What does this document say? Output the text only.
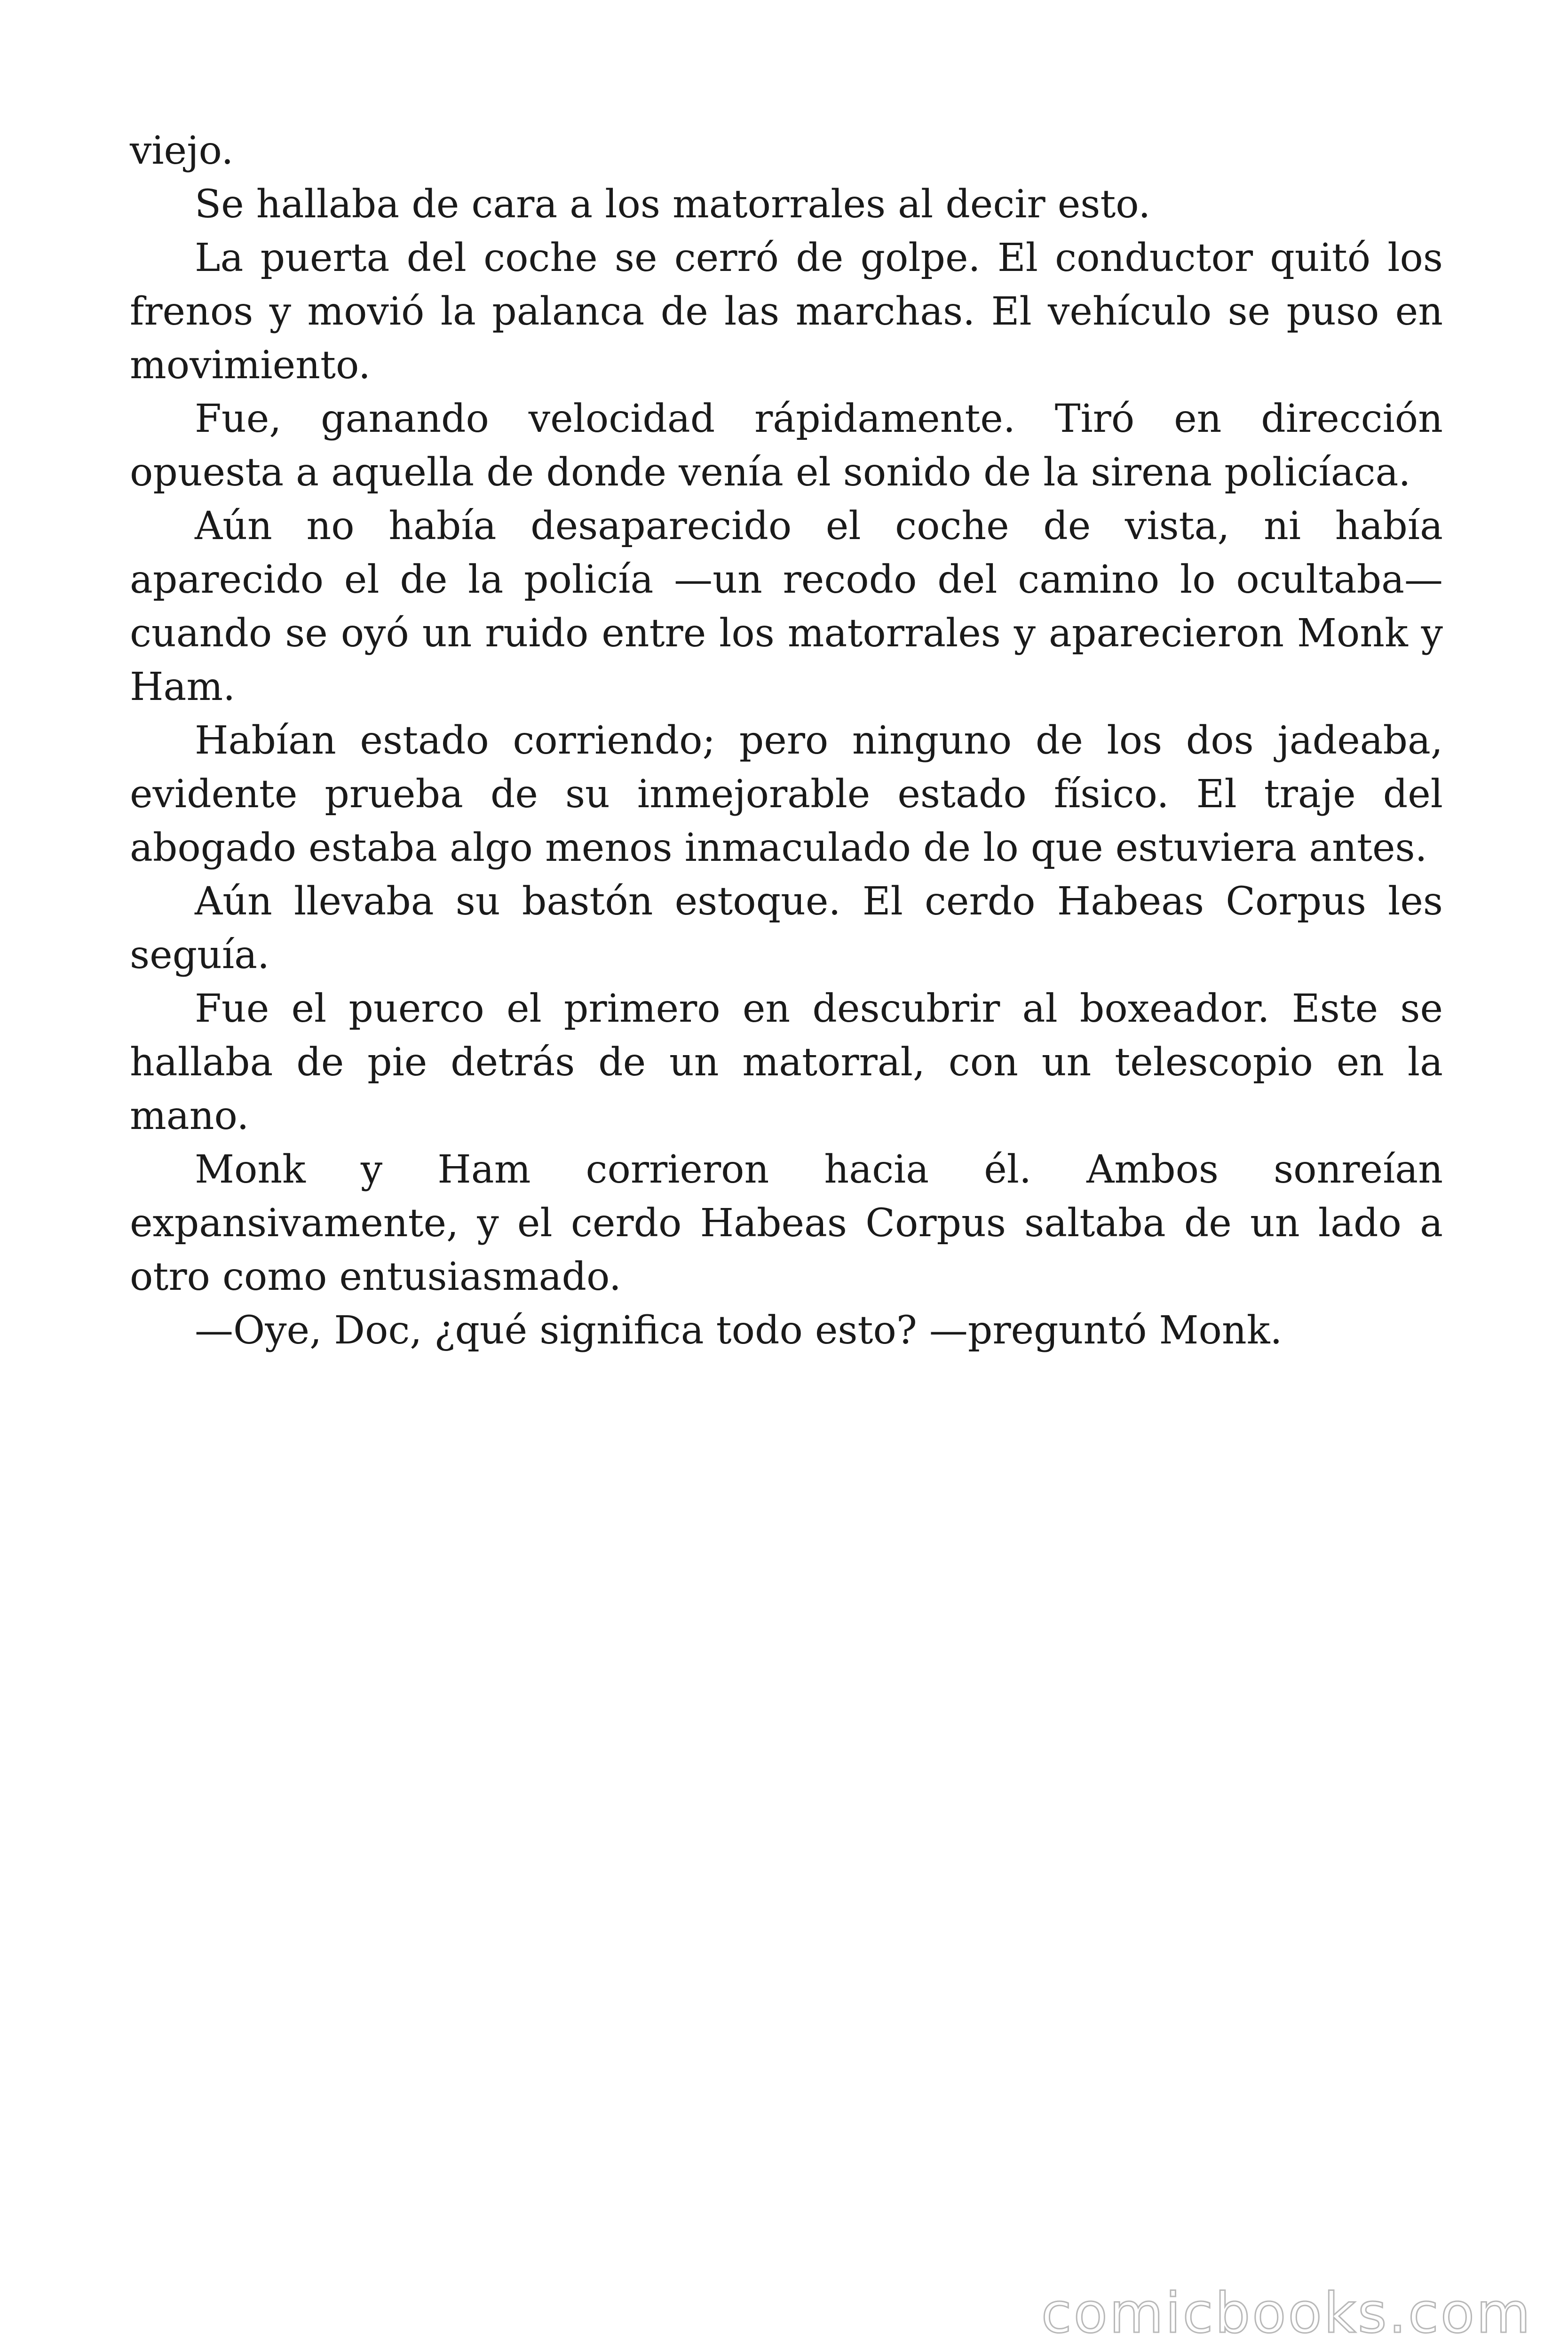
viejo.

Se hallaba de cara a los matorrales al decir esto.

La puerta del coche se cerró de golpe. El conductor quitó los frenos y movió la palanca de las marchas. El vehículo se puso en movimiento.

Fue, ganando velocidad rápidamente. Tiró en dirección opuesta a aquella de donde venía el sonido de la sirena policíaca.

Aún no había desaparecido el coche de vista, ni había aparecido el de la policía —un recodo del camino lo ocultaba— cuando se oyó un ruido entre los matorrales y aparecieron Monk y Ham.

Habían estado corriendo; pero ninguno de los dos jadeaba, evidente prueba de su inmejorable estado físico. El traje del abogado estaba algo menos inmaculado de lo que estuviera antes.

Aún llevaba su bastón estoque. El cerdo Habeas Corpus les seguía.

Fue el puerco el primero en descubrir al boxeador. Este se hallaba de pie detrás de un matorral, con un telescopio en la mano.

Monk y Ham corrieron hacia él. Ambos sonreían expansivamente, y el cerdo Habeas Corpus saltaba de un lado a otro como entusiasmado.

—Oye, Doc, ¿qué significa todo esto? —preguntó Monk.

comicbooks.com
